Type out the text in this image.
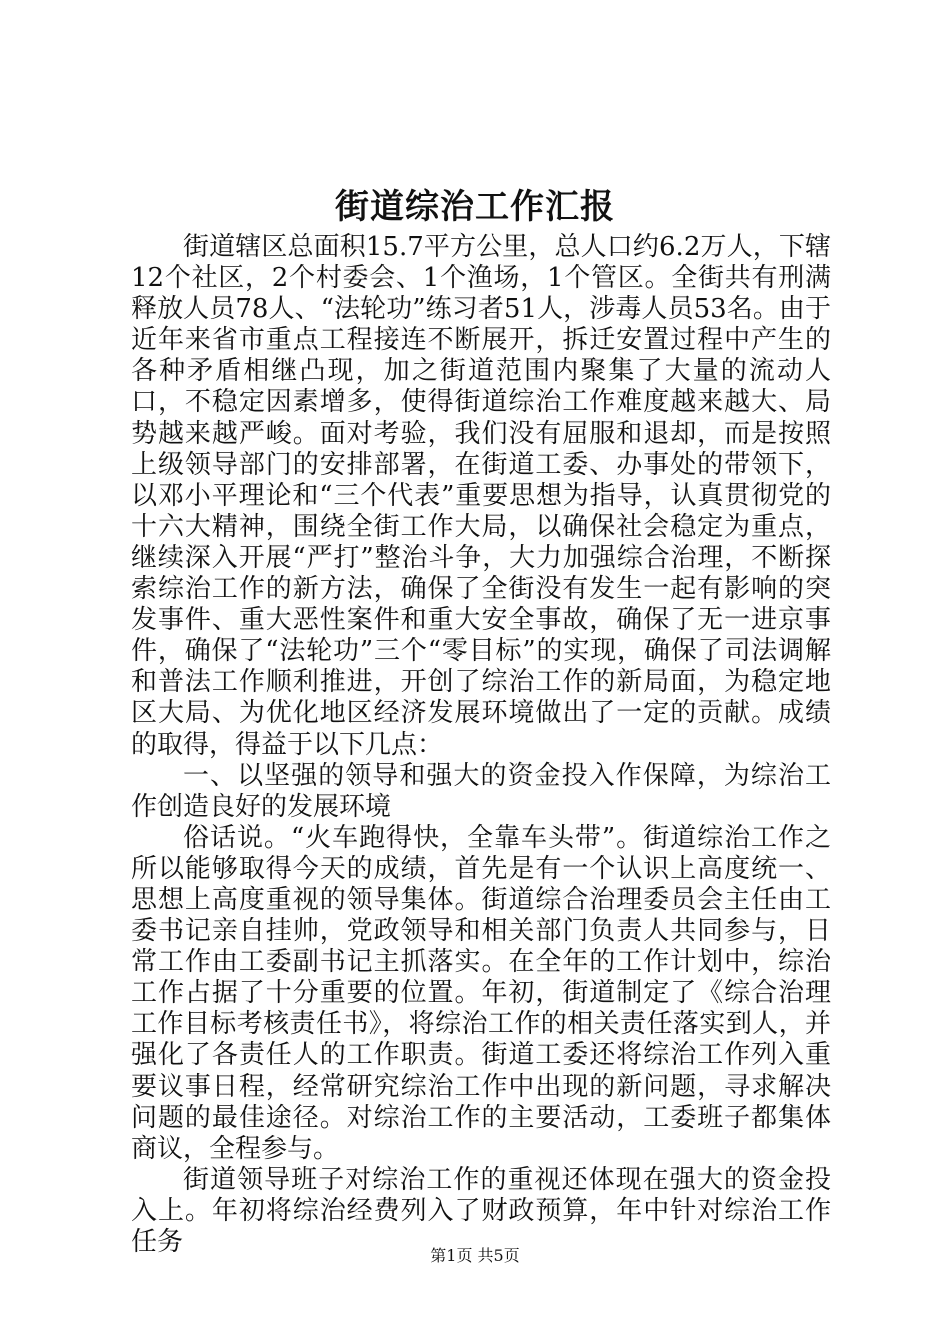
街道综治工作汇报

街道辖区总面积15.7平方公里，总人口约6.2万人，下辖12个社区，2个村委会、1个渔场，1个管区。全街共有刑满释放人员78人、“法轮功”练习者51人，涉毒人员53名。由于近年来省市重点工程接连不断展开，拆迁安置过程中产生的各种矛盾相继凸现，加之街道范围内聚集了大量的流动人口，不稳定因素增多，使得街道综治工作难度越来越大、局势越来越严峻。面对考验，我们没有屈服和退却，而是按照上级领导部门的安排部署，在街道工委、办事处的带领下，以邓小平理论和“三个代表”重要思想为指导，认真贯彻党的十六大精神，围绕全街工作大局，以确保社会稳定为重点，继续深入开展“严打”整治斗争，大力加强综合治理，不断探索综治工作的新方法，确保了全街没有发生一起有影响的突发事件、重大恶性案件和重大安全事故，确保了无一进京事件，确保了“法轮功”三个“零目标”的实现，确保了司法调解和普法工作顺利推进，开创了综治工作的新局面，为稳定地区大局、为优化地区经济发展环境做出了一定的贡献。成绩的取得，得益于以下几点：

一、以坚强的领导和强大的资金投入作保障，为综治工作创造良好的发展环境

俗话说。“火车跑得快，全靠车头带”。街道综治工作之所以能够取得今天的成绩，首先是有一个认识上高度统一、思想上高度重视的领导集体。街道综合治理委员会主任由工委书记亲自挂帅，党政领导和相关部门负责人共同参与，日常工作由工委副书记主抓落实。在全年的工作计划中，综治工作占据了十分重要的位置。年初，街道制定了《综合治理工作目标考核责任书》，将综治工作的相关责任落实到人，并强化了各责任人的工作职责。街道工委还将综治工作列入重要议事日程，经常研究综治工作中出现的新问题，寻求解决问题的最佳途径。对综治工作的主要活动，工委班子都集体商议，全程参与。

街道领导班子对综治工作的重视还体现在强大的资金投入上。年初将综治经费列入了财政预算，年中针对综治工作任务	第1页 共5页
